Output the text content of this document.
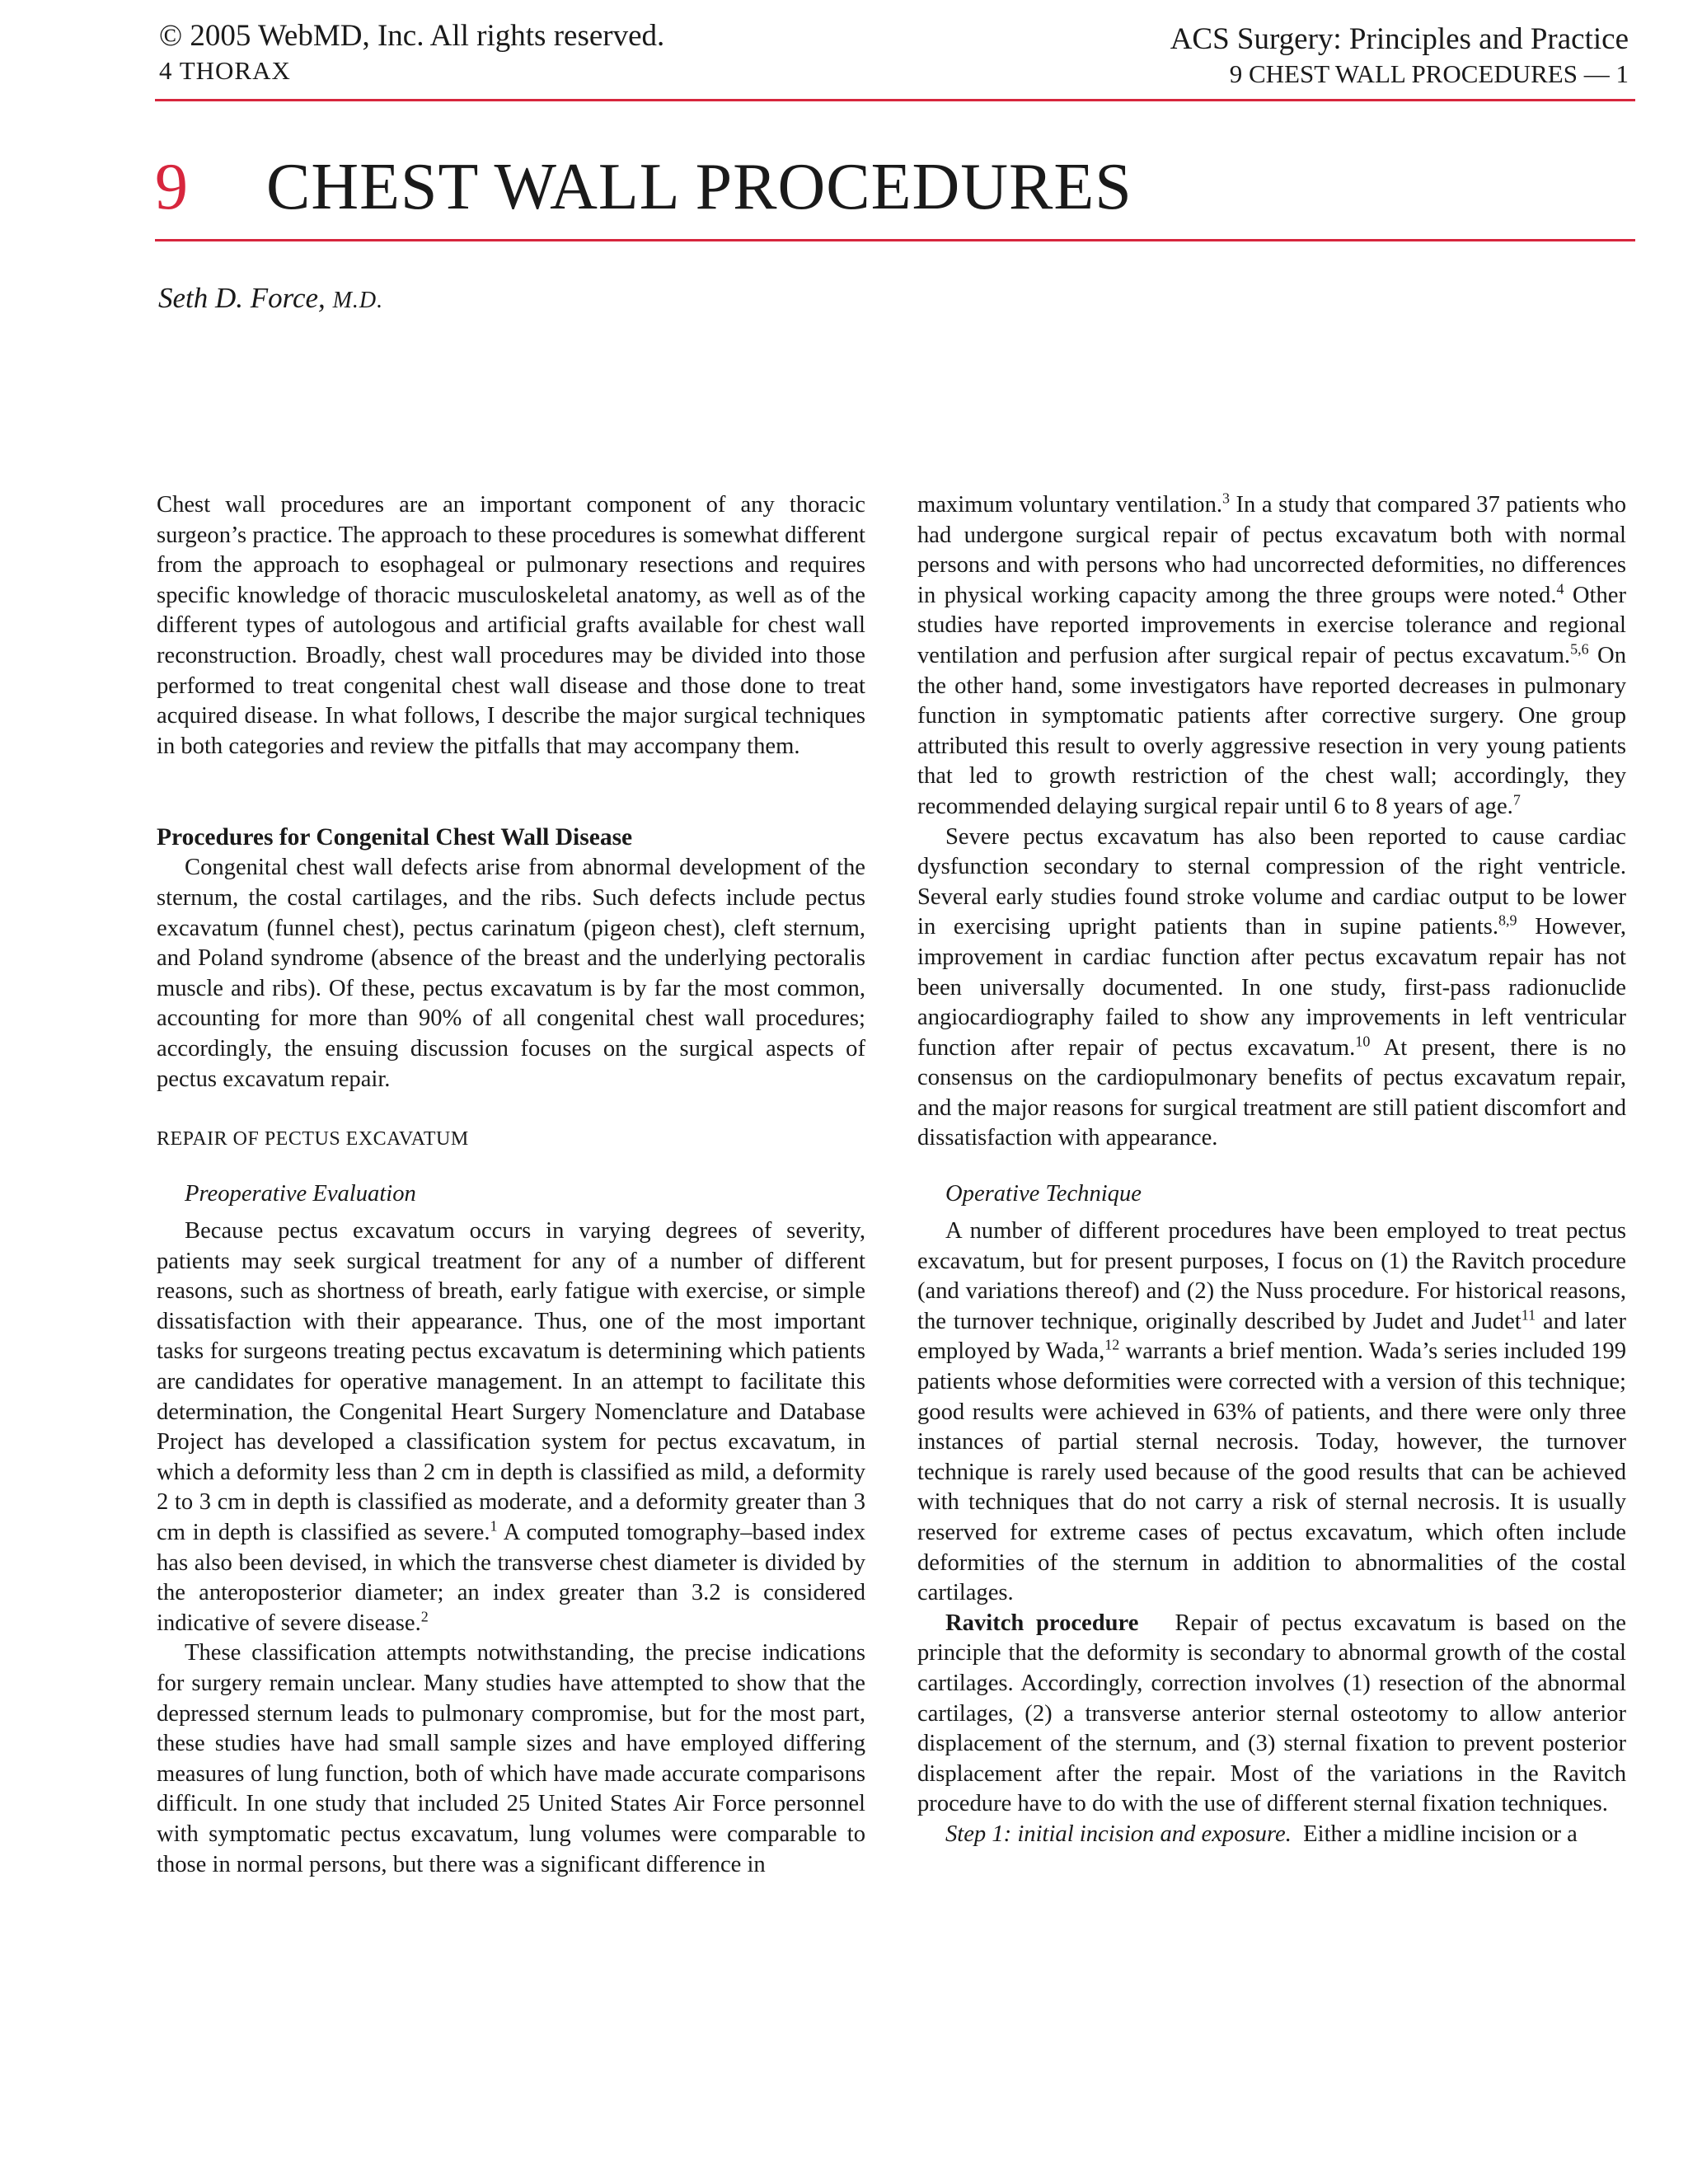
© 2005 WebMD, Inc. All rights reserved.
4 THORAX
ACS Surgery: Principles and Practice
9 CHEST WALL PROCEDURES — 1
9 CHEST WALL PROCEDURES
Seth D. Force, M.D.

Chest wall procedures are an important component of any thoracic surgeon’s practice. The approach to these procedures is somewhat different from the approach to esophageal or pulmonary resections and requires specific knowledge of thoracic musculoskeletal anatomy, as well as of the different types of autologous and artificial grafts available for chest wall reconstruction. Broadly, chest wall procedures may be divided into those performed to treat congenital chest wall disease and those done to treat acquired disease. In what follows, I describe the major surgical techniques in both categories and review the pitfalls that may accompany them.

Procedures for Congenital Chest Wall Disease

Congenital chest wall defects arise from abnormal development of the sternum, the costal cartilages, and the ribs. Such defects include pectus excavatum (funnel chest), pectus carinatum (pigeon chest), cleft sternum, and Poland syndrome (absence of the breast and the underlying pectoralis muscle and ribs). Of these, pectus excavatum is by far the most common, accounting for more than 90% of all congenital chest wall procedures; accordingly, the ensuing discussion focuses on the surgical aspects of pectus excavatum repair.

REPAIR OF PECTUS EXCAVATUM
Preoperative Evaluation

Because pectus excavatum occurs in varying degrees of severity, patients may seek surgical treatment for any of a number of different reasons, such as shortness of breath, early fatigue with exercise, or simple dissatisfaction with their appearance. Thus, one of the most important tasks for surgeons treating pectus excavatum is determining which patients are candidates for operative management. In an attempt to facilitate this determination, the Congenital Heart Surgery Nomenclature and Database Project has developed a classification system for pectus excavatum, in which a deformity less than 2 cm in depth is classified as mild, a deformity 2 to 3 cm in depth is classified as moderate, and a deformity greater than 3 cm in depth is classified as severe.$^1$ A computed tomography–based index has also been devised, in which the transverse chest diameter is divided by the anteroposterior diameter; an index greater than 3.2 is considered indicative of severe disease.$^2$

These classification attempts notwithstanding, the precise indications for surgery remain unclear. Many studies have attempted to show that the depressed sternum leads to pulmonary compromise, but for the most part, these studies have had small sample sizes and have employed differing measures of lung function, both of which have made accurate comparisons difficult. In one study that included 25 United States Air Force personnel with symptomatic pectus excavatum, lung volumes were comparable to those in normal persons, but there was a significant difference in

maximum voluntary ventilation.$^3$ In a study that compared 37 patients who had undergone surgical repair of pectus excavatum both with normal persons and with persons who had uncorrected deformities, no differences in physical working capacity among the three groups were noted.$^4$ Other studies have reported improvements in exercise tolerance and regional ventilation and perfusion after surgical repair of pectus excavatum.$^{5,6}$ On the other hand, some investigators have reported decreases in pulmonary function in symptomatic patients after corrective surgery. One group attributed this result to overly aggressive resection in very young patients that led to growth restriction of the chest wall; accordingly, they recommended delaying surgical repair until 6 to 8 years of age.$^7$

Severe pectus excavatum has also been reported to cause cardiac dysfunction secondary to sternal compression of the right ventricle. Several early studies found stroke volume and cardiac output to be lower in exercising upright patients than in supine patients.$^{8,9}$ However, improvement in cardiac function after pectus excavatum repair has not been universally documented. In one study, first-pass radionuclide angiocardiography failed to show any improvements in left ventricular function after repair of pectus excavatum.$^{10}$ At present, there is no consensus on the cardiopulmonary benefits of pectus excavatum repair, and the major reasons for surgical treatment are still patient discomfort and dissatisfaction with appearance.

Operative Technique

A number of different procedures have been employed to treat pectus excavatum, but for present purposes, I focus on (1) the Ravitch procedure (and variations thereof) and (2) the Nuss procedure. For historical reasons, the turnover technique, originally described by Judet and Judet$^{11}$ and later employed by Wada,$^{12}$ warrants a brief mention. Wada’s series included 199 patients whose deformities were corrected with a version of this technique; good results were achieved in 63% of patients, and there were only three instances of partial sternal necrosis. Today, however, the turnover technique is rarely used because of the good results that can be achieved with techniques that do not carry a risk of sternal necrosis. It is usually reserved for extreme cases of pectus excavatum, which often include deformities of the sternum in addition to abnormalities of the costal cartilages.

Ravitch procedure Repair of pectus excavatum is based on the principle that the deformity is secondary to abnormal growth of the costal cartilages. Accordingly, correction involves (1) resection of the abnormal cartilages, (2) a transverse anterior sternal osteotomy to allow anterior displacement of the sternum, and (3) sternal fixation to prevent posterior displacement after the repair. Most of the variations in the Ravitch procedure have to do with the use of different sternal fixation techniques.

Step 1: initial incision and exposure. Either a midline incision or a
